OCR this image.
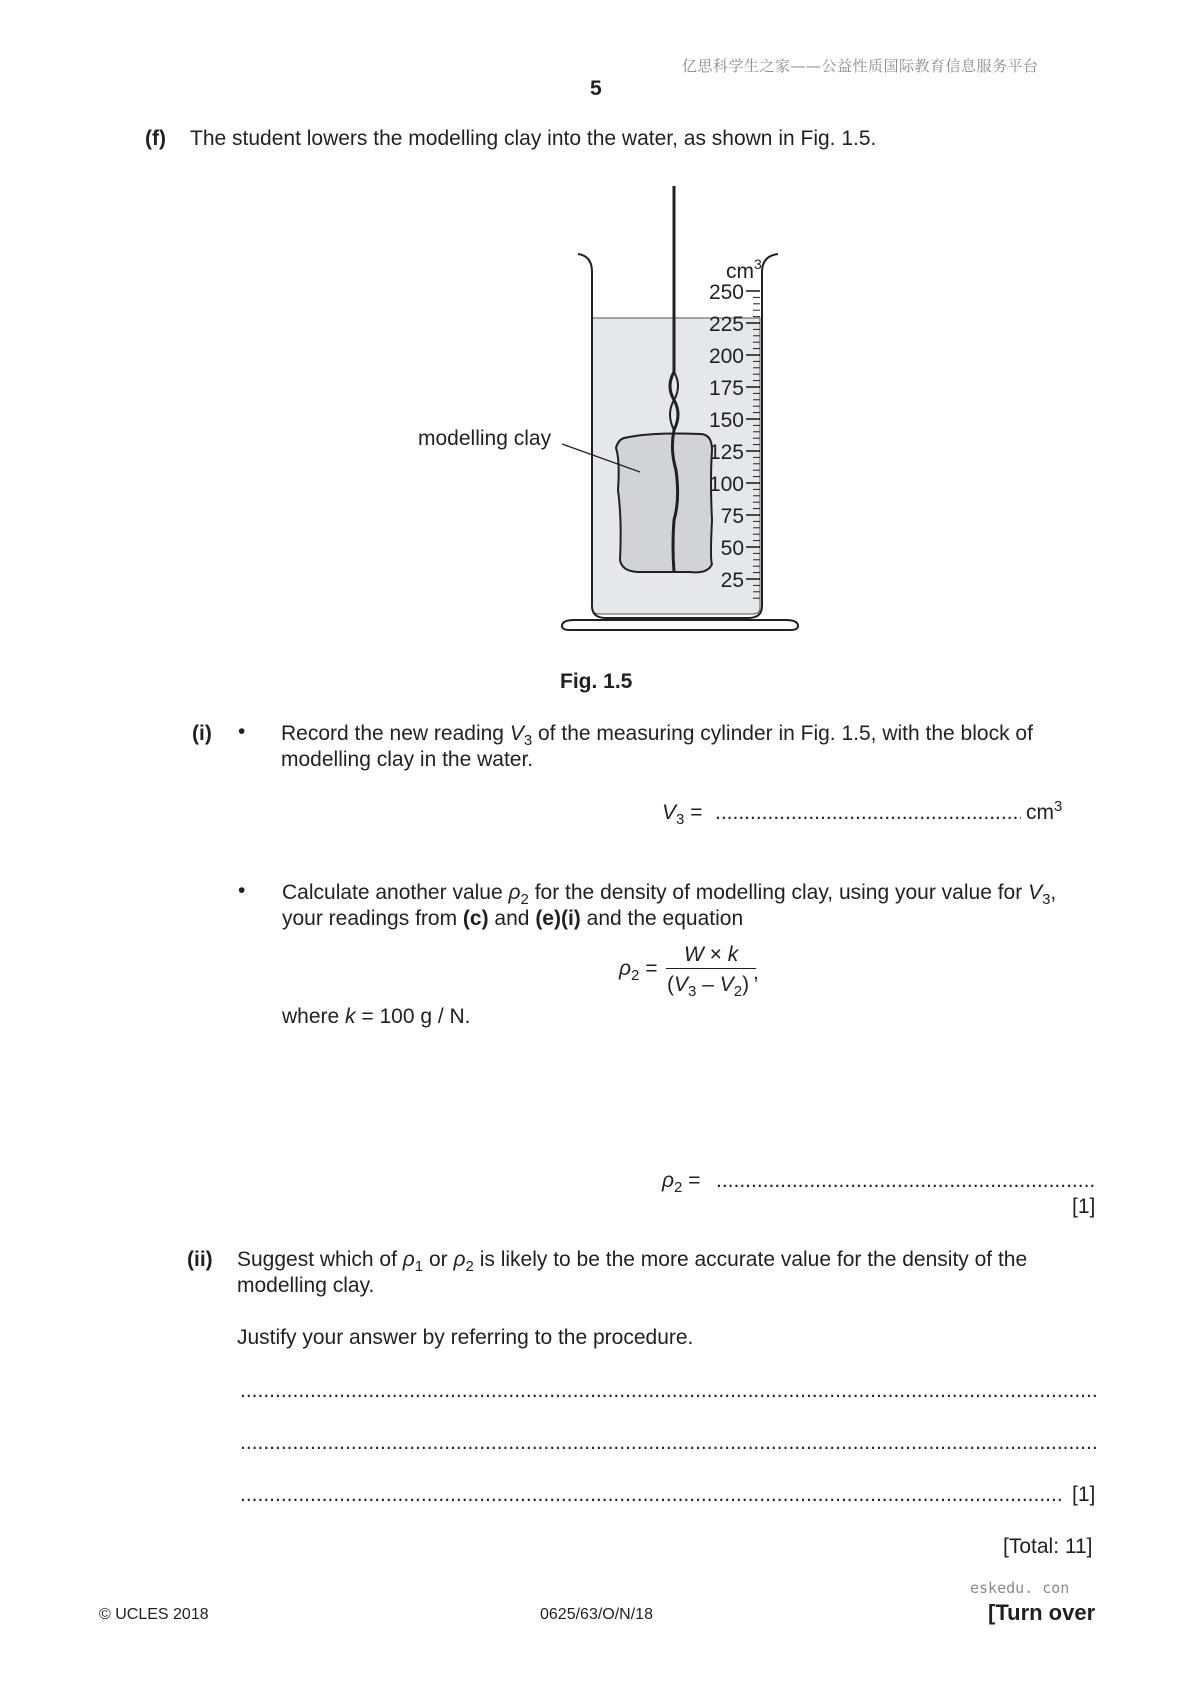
亿思科学生之家——公益性质国际教育信息服务平台
5
(f) The student lowers the modelling clay into the water, as shown in Fig. 1.5.
250
225
200
175
150
125
100
75
50
25
$cm^3$
modelling clay
Fig. 1.5
(i) • Record the new reading $V_3$ of the measuring cylinder in Fig. 1.5, with the block of
modelling clay in the water.
$V_3$ =
.....	$cm^3$
• Calculate another value $\rho_2$ for the density of modelling clay, using your value for $V_3$,
your readings from (c) and (e)(i) and the equation
$\rho_2$ =
W × k
$(V_3 - V_2)$
,
where k = 100 g / N.
$\rho_2$ =
.....
[1]
(ii) Suggest which of $\rho_1$ or $\rho_2$ is likely to be the more accurate value for the density of the
modelling clay.
Justify your answer by referring to the procedure.
.....
.....
.....
[1]
[Total: 11]
eskedu. con
© UCLES 2018	0625/63/O/N/18	[Turn over
